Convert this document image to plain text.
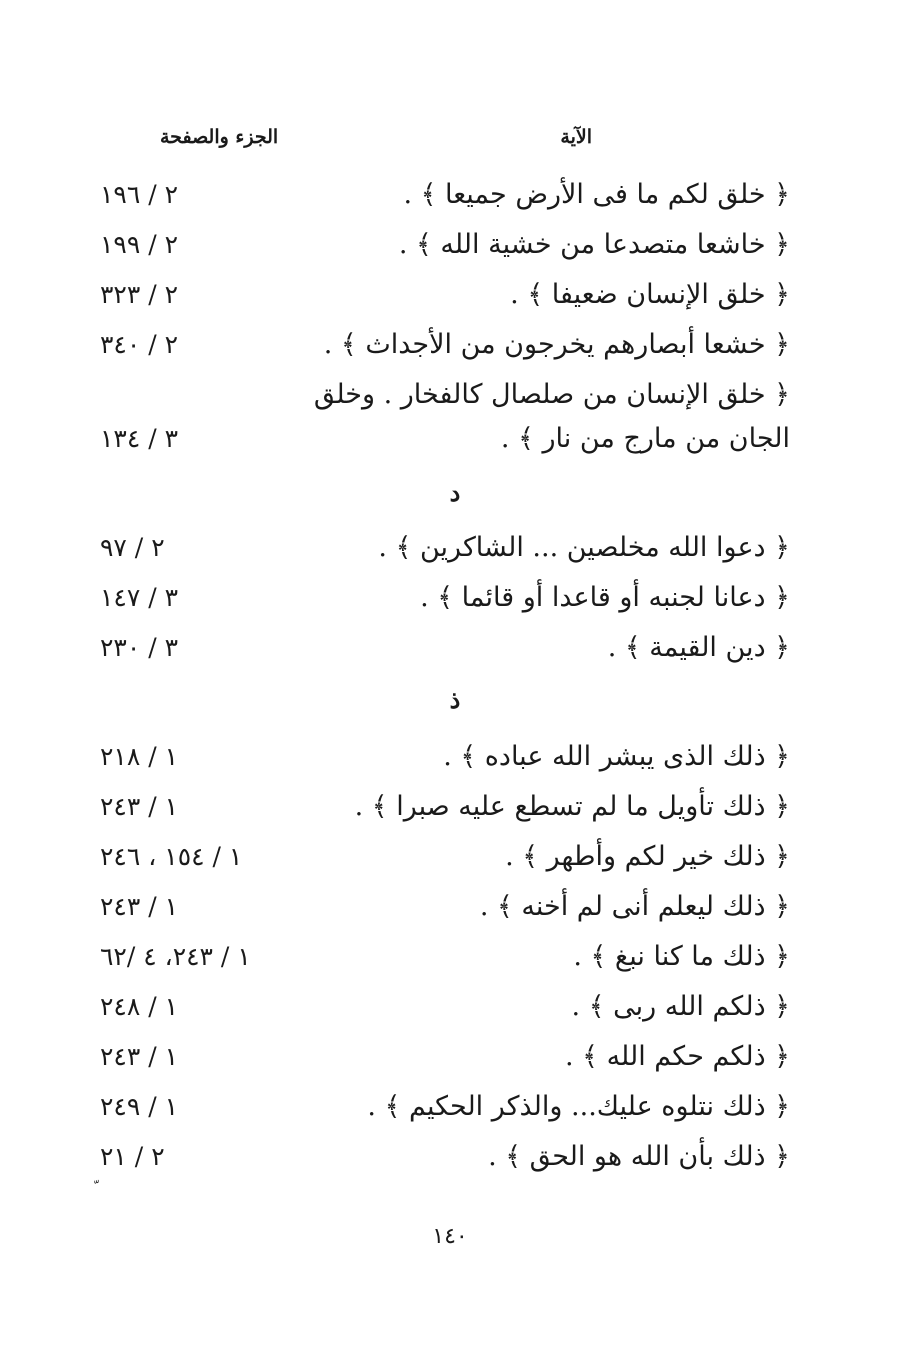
الآية
الجزء والصفحة
﴿ خلق لكم ما فى الأرض جميعا ﴾ .
٢ / ١٩٦
﴿ خاشعا متصدعا من خشية الله ﴾ .
٢ / ١٩٩
﴿ خلق الإنسان ضعيفا ﴾ .
٢ / ٣٢٣
﴿ خشعا أبصارهم يخرجون من الأجداث ﴾ .
٢ / ٣٤٠
﴿ خلق الإنسان من صلصال كالفخار . وخلق
الجان من مارج من نار ﴾ .
٣ / ١٣٤
د
﴿ دعوا الله مخلصين ... الشاكرين ﴾ .
٢ / ٩٧
﴿ دعانا لجنبه أو قاعدا أو قائما ﴾ .
٣ / ١٤٧
﴿ دين القيمة ﴾ .
٣ / ٢٣٠
ذ
﴿ ذلك الذى يبشر الله عباده ﴾ .
١ / ٢١٨
﴿ ذلك تأويل ما لم تسطع عليه صبرا ﴾ .
١ / ٢٤٣
﴿ ذلك خير لكم وأطهر ﴾ .
١ / ١٥٤ ، ٢٤٦
﴿ ذلك ليعلم أنى لم أخنه ﴾ .
١ / ٢٤٣
﴿ ذلك ما كنا نبغ ﴾ .
١ / ٢٤٣، ٤ /٦٢
﴿ ذلكم الله ربى ﴾ .
١ / ٢٤٨
﴿ ذلكم حكم الله ﴾ .
١ / ٢٤٣
﴿ ذلك نتلوه عليك... والذكر الحكيم ﴾ .
١ / ٢٤٩
﴿ ذلك بأن الله هو الحق ﴾ .
٢ / ٢١
١٤٠
